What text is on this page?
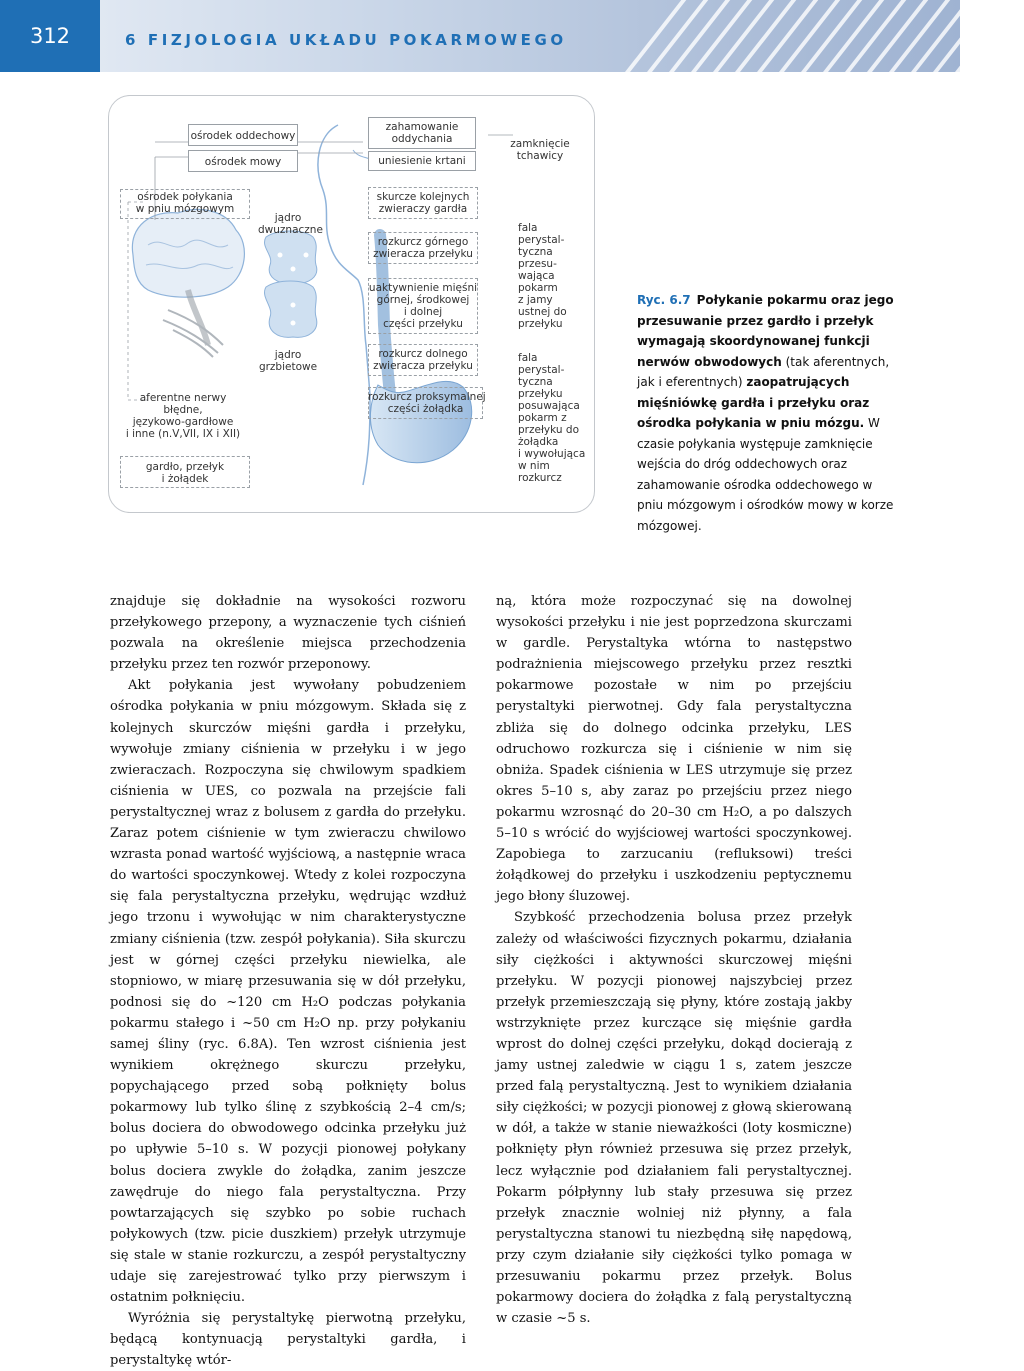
312	6 FIZJOLOGIA UKŁADU POKARMOWEGO
ośrodek oddechowy
ośrodek mowy
zahamowanie
oddychania
uniesienie krtani
zamknięcie
tchawicy
ośrodek połykania
w pniu mózgowym
jądro
dwuznaczne
jądro
grzbietowe
skurcze kolejnych
zwieraczy gardła
rozkurcz górnego
zwieracza przełyku
uaktywnienie mięśni
górnej, środkowej
i dolnej
części przełyku
rozkurcz dolnego
zwieracza przełyku
rozkurcz proksymalnej
części żołądka
fala
perystal-
tyczna
przesu-
wająca
pokarm
z jamy
ustnej do
przełyku
fala
perystal-
tyczna
przełyku
posuwająca
pokarm z
przełyku do
żołądka
i wywołująca
w nim
rozkurcz
aferentne nerwy
błędne,
językowo-gardłowe
i inne (n.V,VII, IX i XII)
gardło, przełyk
i żołądek
Ryc. 6.7 Połykanie pokarmu oraz jego przesuwanie przez gardło i przełyk wymagają skoordynowanej funkcji nerwów obwodowych (tak aferentnych, jak i eferentnych) zaopatrujących mięśniówkę gardła i przełyku oraz ośrodka połykania w pniu mózgu. W czasie połykania występuje zamknięcie wejścia do dróg oddechowych oraz zahamowanie ośrodka oddechowego w pniu mózgowym i ośrodków mowy w korze mózgowej.

znajduje się dokładnie na wysokości rozworu przełykowego przepony, a wyznaczenie tych ciśnień pozwala na określenie miejsca przechodzenia przełyku przez ten rozwór przeponowy.

Akt połykania jest wywołany pobudzeniem ośrodka połykania w pniu mózgowym. Składa się z kolejnych skurczów mięśni gardła i przełyku, wywołuje zmiany ciśnienia w przełyku i w jego zwieraczach. Rozpoczyna się chwilowym spadkiem ciśnienia w UES, co pozwala na przejście fali perystaltycznej wraz z bolusem z gardła do przełyku. Zaraz potem ciśnienie w tym zwieraczu chwilowo wzrasta ponad wartość wyjściową, a następnie wraca do wartości spoczynkowej. Wtedy z kolei rozpoczyna się fala perystaltyczna przełyku, wędrując wzdłuż jego trzonu i wywołując w nim charakterystyczne zmiany ciśnienia (tzw. zespół połykania). Siła skurczu jest w górnej części przełyku niewielka, ale stopniowo, w miarę przesuwania się w dół przełyku, podnosi się do ~120 cm H₂O podczas połykania pokarmu stałego i ~50 cm H₂O np. przy połykaniu samej śliny (ryc. 6.8A). Ten wzrost ciśnienia jest wynikiem okrężnego skurczu przełyku, popychającego przed sobą połknięty bolus pokarmowy lub tylko ślinę z szybkością 2–4 cm/s; bolus dociera do obwodowego odcinka przełyku już po upływie 5–10 s. W pozycji pionowej połykany bolus dociera zwykle do żołądka, zanim jeszcze zawędruje do niego fala perystaltyczna. Przy powtarzających się szybko po sobie ruchach połykowych (tzw. picie duszkiem) przełyk utrzymuje się stale w stanie rozkurczu, a zespół perystaltyczny udaje się zarejestrować tylko przy pierwszym i ostatnim połknięciu.

Wyróżnia się perystaltykę pierwotną przełyku, będącą kontynuacją perystaltyki gardła, i perystaltykę wtór-

ną, która może rozpoczynać się na dowolnej wysokości przełyku i nie jest poprzedzona skurczami w gardle. Perystaltyka wtórna to następstwo podrażnienia miejscowego przełyku przez resztki pokarmowe pozostałe w nim po przejściu perystaltyki pierwotnej. Gdy fala perystaltyczna zbliża się do dolnego odcinka przełyku, LES odruchowo rozkurcza się i ciśnienie w nim się obniża. Spadek ciśnienia w LES utrzymuje się przez okres 5–10 s, aby zaraz po przejściu przez niego pokarmu wzrosnąć do 20–30 cm H₂O, a po dalszych 5–10 s wrócić do wyjściowej wartości spoczynkowej. Zapobiega to zarzucaniu (refluksowi) treści żołądkowej do przełyku i uszkodzeniu peptycznemu jego błony śluzowej.

Szybkość przechodzenia bolusa przez przełyk zależy od właściwości fizycznych pokarmu, działania siły ciężkości i aktywności skurczowej mięśni przełyku. W pozycji pionowej najszybciej przez przełyk przemieszczają się płyny, które zostają jakby wstrzyknięte przez kurczące się mięśnie gardła wprost do dolnej części przełyku, dokąd docierają z jamy ustnej zaledwie w ciągu 1 s, zatem jeszcze przed falą perystaltyczną. Jest to wynikiem działania siły ciężkości; w pozycji pionowej z głową skierowaną w dół, a także w stanie nieważkości (loty kosmiczne) połknięty płyn również przesuwa się przez przełyk, lecz wyłącznie pod działaniem fali perystaltycznej. Pokarm półpłynny lub stały przesuwa się przez przełyk znacznie wolniej niż płynny, a fala perystaltyczna stanowi tu niezbędną siłę napędową, przy czym działanie siły ciężkości tylko pomaga w przesuwaniu pokarmu przez przełyk. Bolus pokarmowy dociera do żołądka z falą perystaltyczną w czasie ~5 s.
